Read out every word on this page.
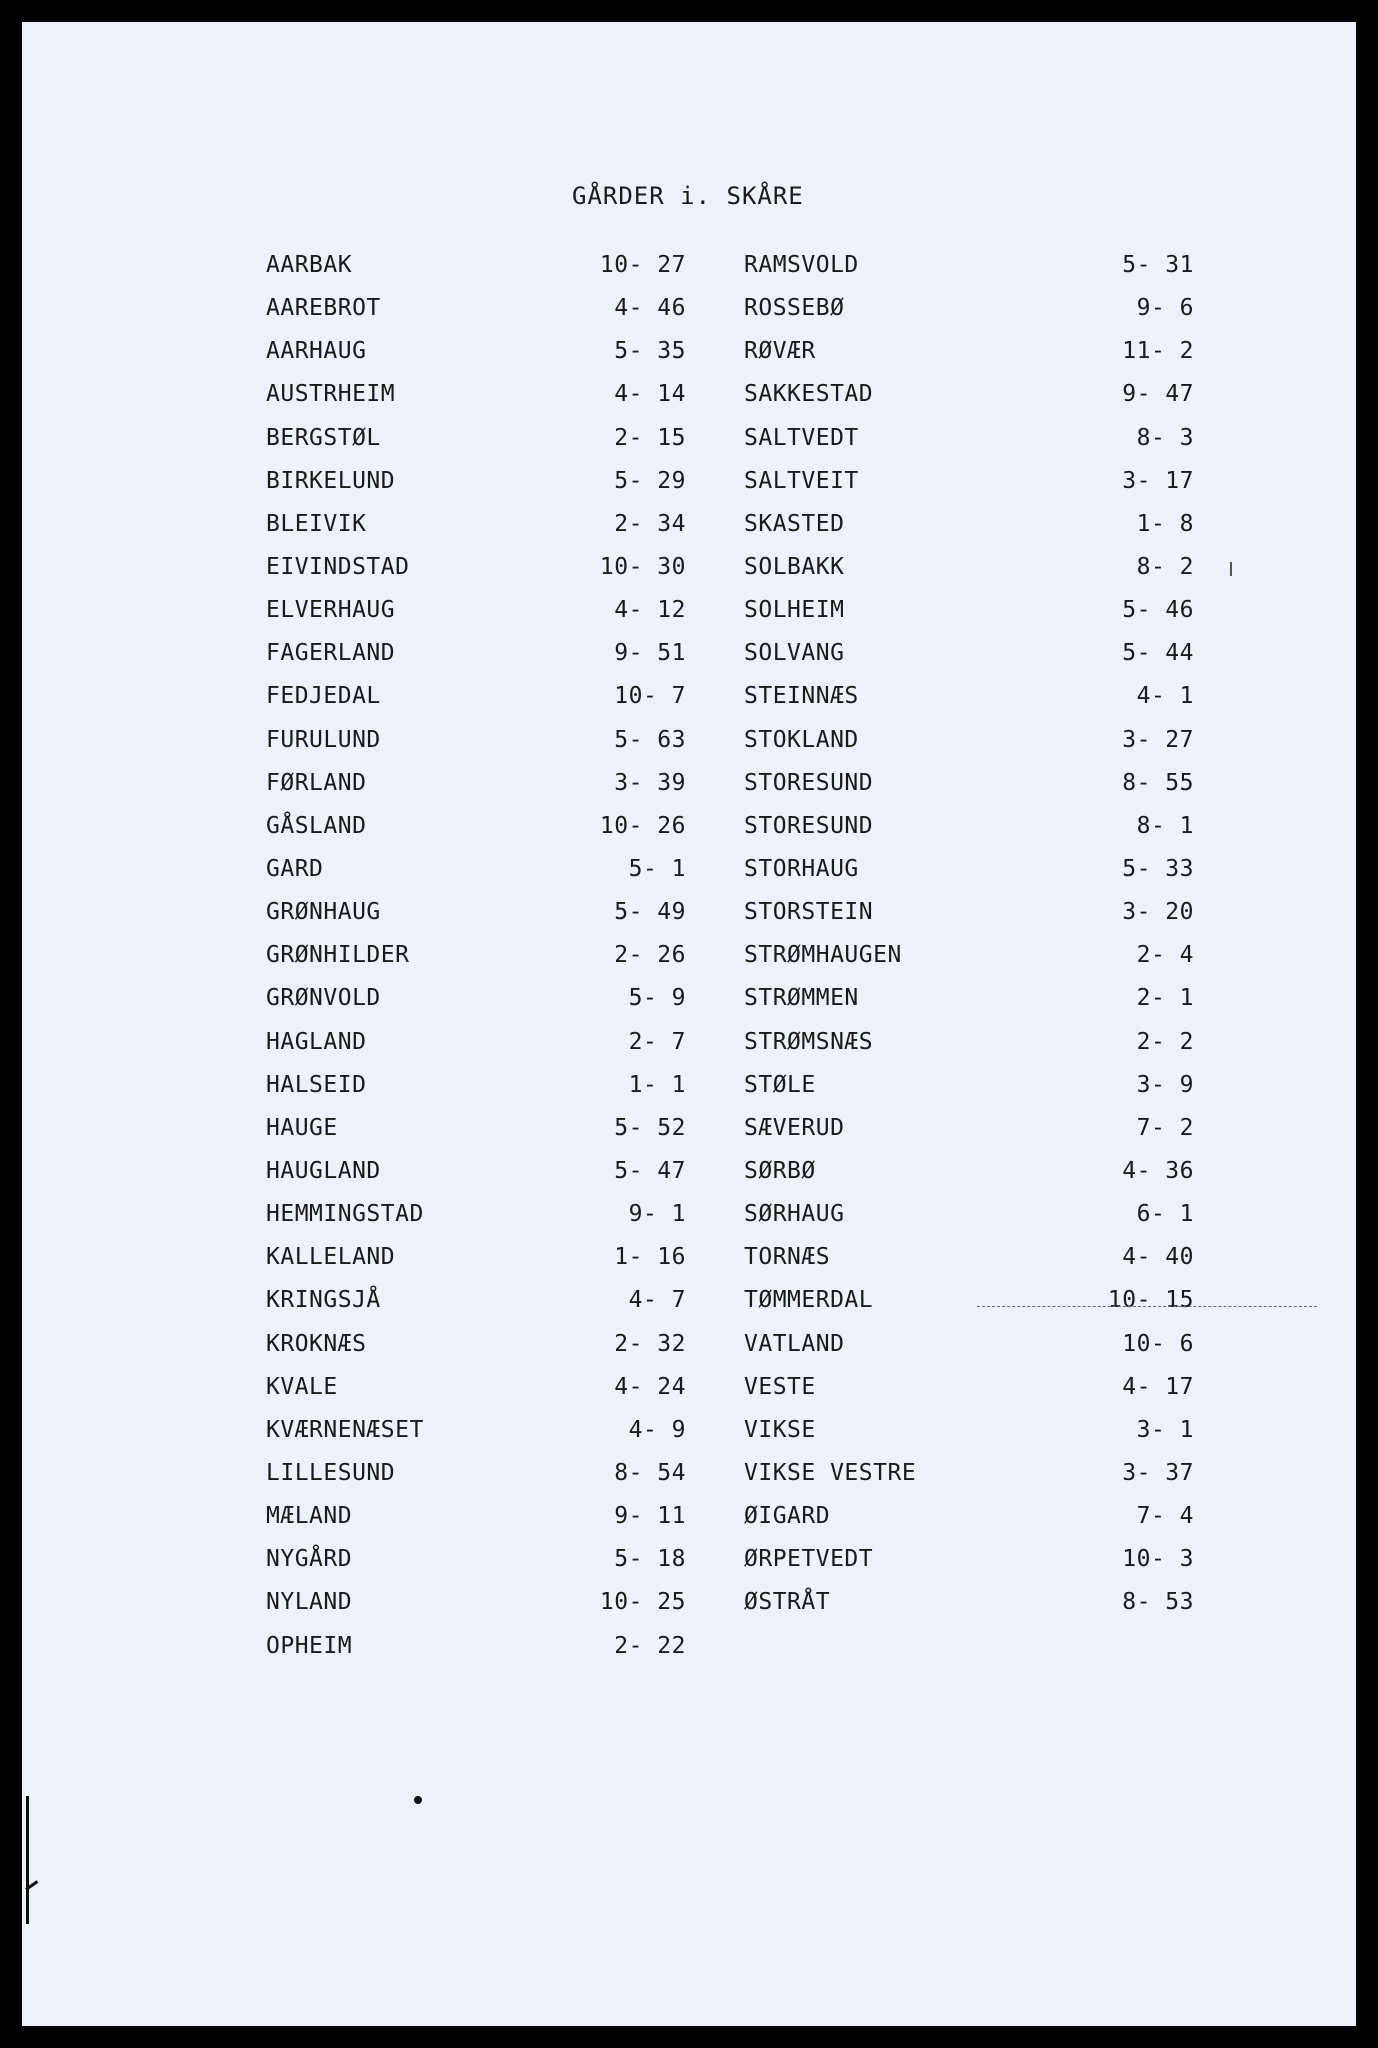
GÅRDER i. SKÅRE
AARBAK	10- 27
AAREBROT	4- 46
AARHAUG	5- 35
AUSTRHEIM	4- 14
BERGSTØL	2- 15
BIRKELUND	5- 29
BLEIVIK	2- 34
EIVINDSTAD	10- 30
ELVERHAUG	4- 12
FAGERLAND	9- 51
FEDJEDAL	10- 7
FURULUND	5- 63
FØRLAND	3- 39
GÅSLAND	10- 26
GARD	5- 1
GRØNHAUG	5- 49
GRØNHILDER	2- 26
GRØNVOLD	5- 9
HAGLAND	2- 7
HALSEID	1- 1
HAUGE	5- 52
HAUGLAND	5- 47
HEMMINGSTAD	9- 1
KALLELAND	1- 16
KRINGSJÅ	4- 7
KROKNÆS	2- 32
KVALE	4- 24
KVÆRNENÆSET	4- 9
LILLESUND	8- 54
MÆLAND	9- 11
NYGÅRD	5- 18
NYLAND	10- 25
OPHEIM	2- 22
RAMSVOLD	5- 31
ROSSEBØ	9- 6
RØVÆR	11- 2
SAKKESTAD	9- 47
SALTVEDT	8- 3
SALTVEIT	3- 17
SKASTED	1- 8
SOLBAKK	8- 2
SOLHEIM	5- 46
SOLVANG	5- 44
STEINNÆS	4- 1
STOKLAND	3- 27
STORESUND	8- 55
STORESUND	8- 1
STORHAUG	5- 33
STORSTEIN	3- 20
STRØMHAUGEN	2- 4
STRØMMEN	2- 1
STRØMSNÆS	2- 2
STØLE	3- 9
SÆVERUD	7- 2
SØRBØ	4- 36
SØRHAUG	6- 1
TORNÆS	4- 40
TØMMERDAL	10- 15
VATLAND	10- 6
VESTE	4- 17
VIKSE	3- 1
VIKSE VESTRE	3- 37
ØIGARD	7- 4
ØRPETVEDT	10- 3
ØSTRÅT	8- 53
